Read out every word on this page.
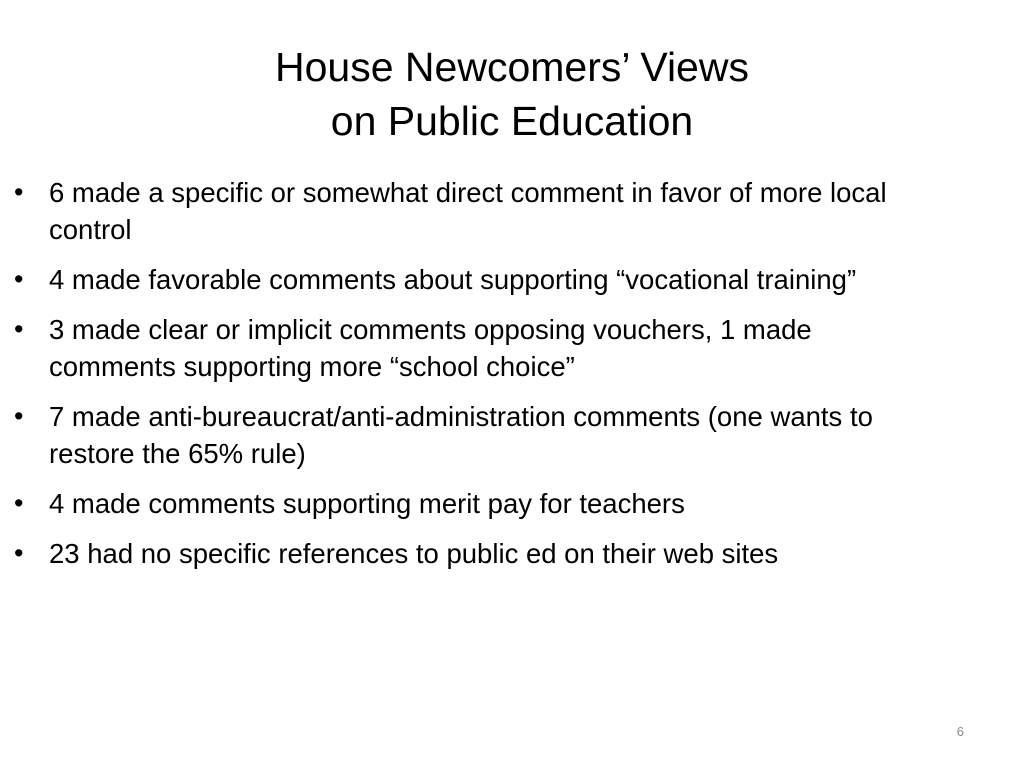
House Newcomers’ Views
on Public Education
• 6 made a specific or somewhat direct comment in favor of more local control
• 4 made favorable comments about supporting “vocational training”
• 3 made clear or implicit comments opposing vouchers, 1 made comments supporting more “school choice”
• 7 made anti-bureaucrat/anti-administration comments (one wants to restore the 65% rule)
• 4 made comments supporting merit pay for teachers
• 23 had no specific references to public ed on their web sites
6
